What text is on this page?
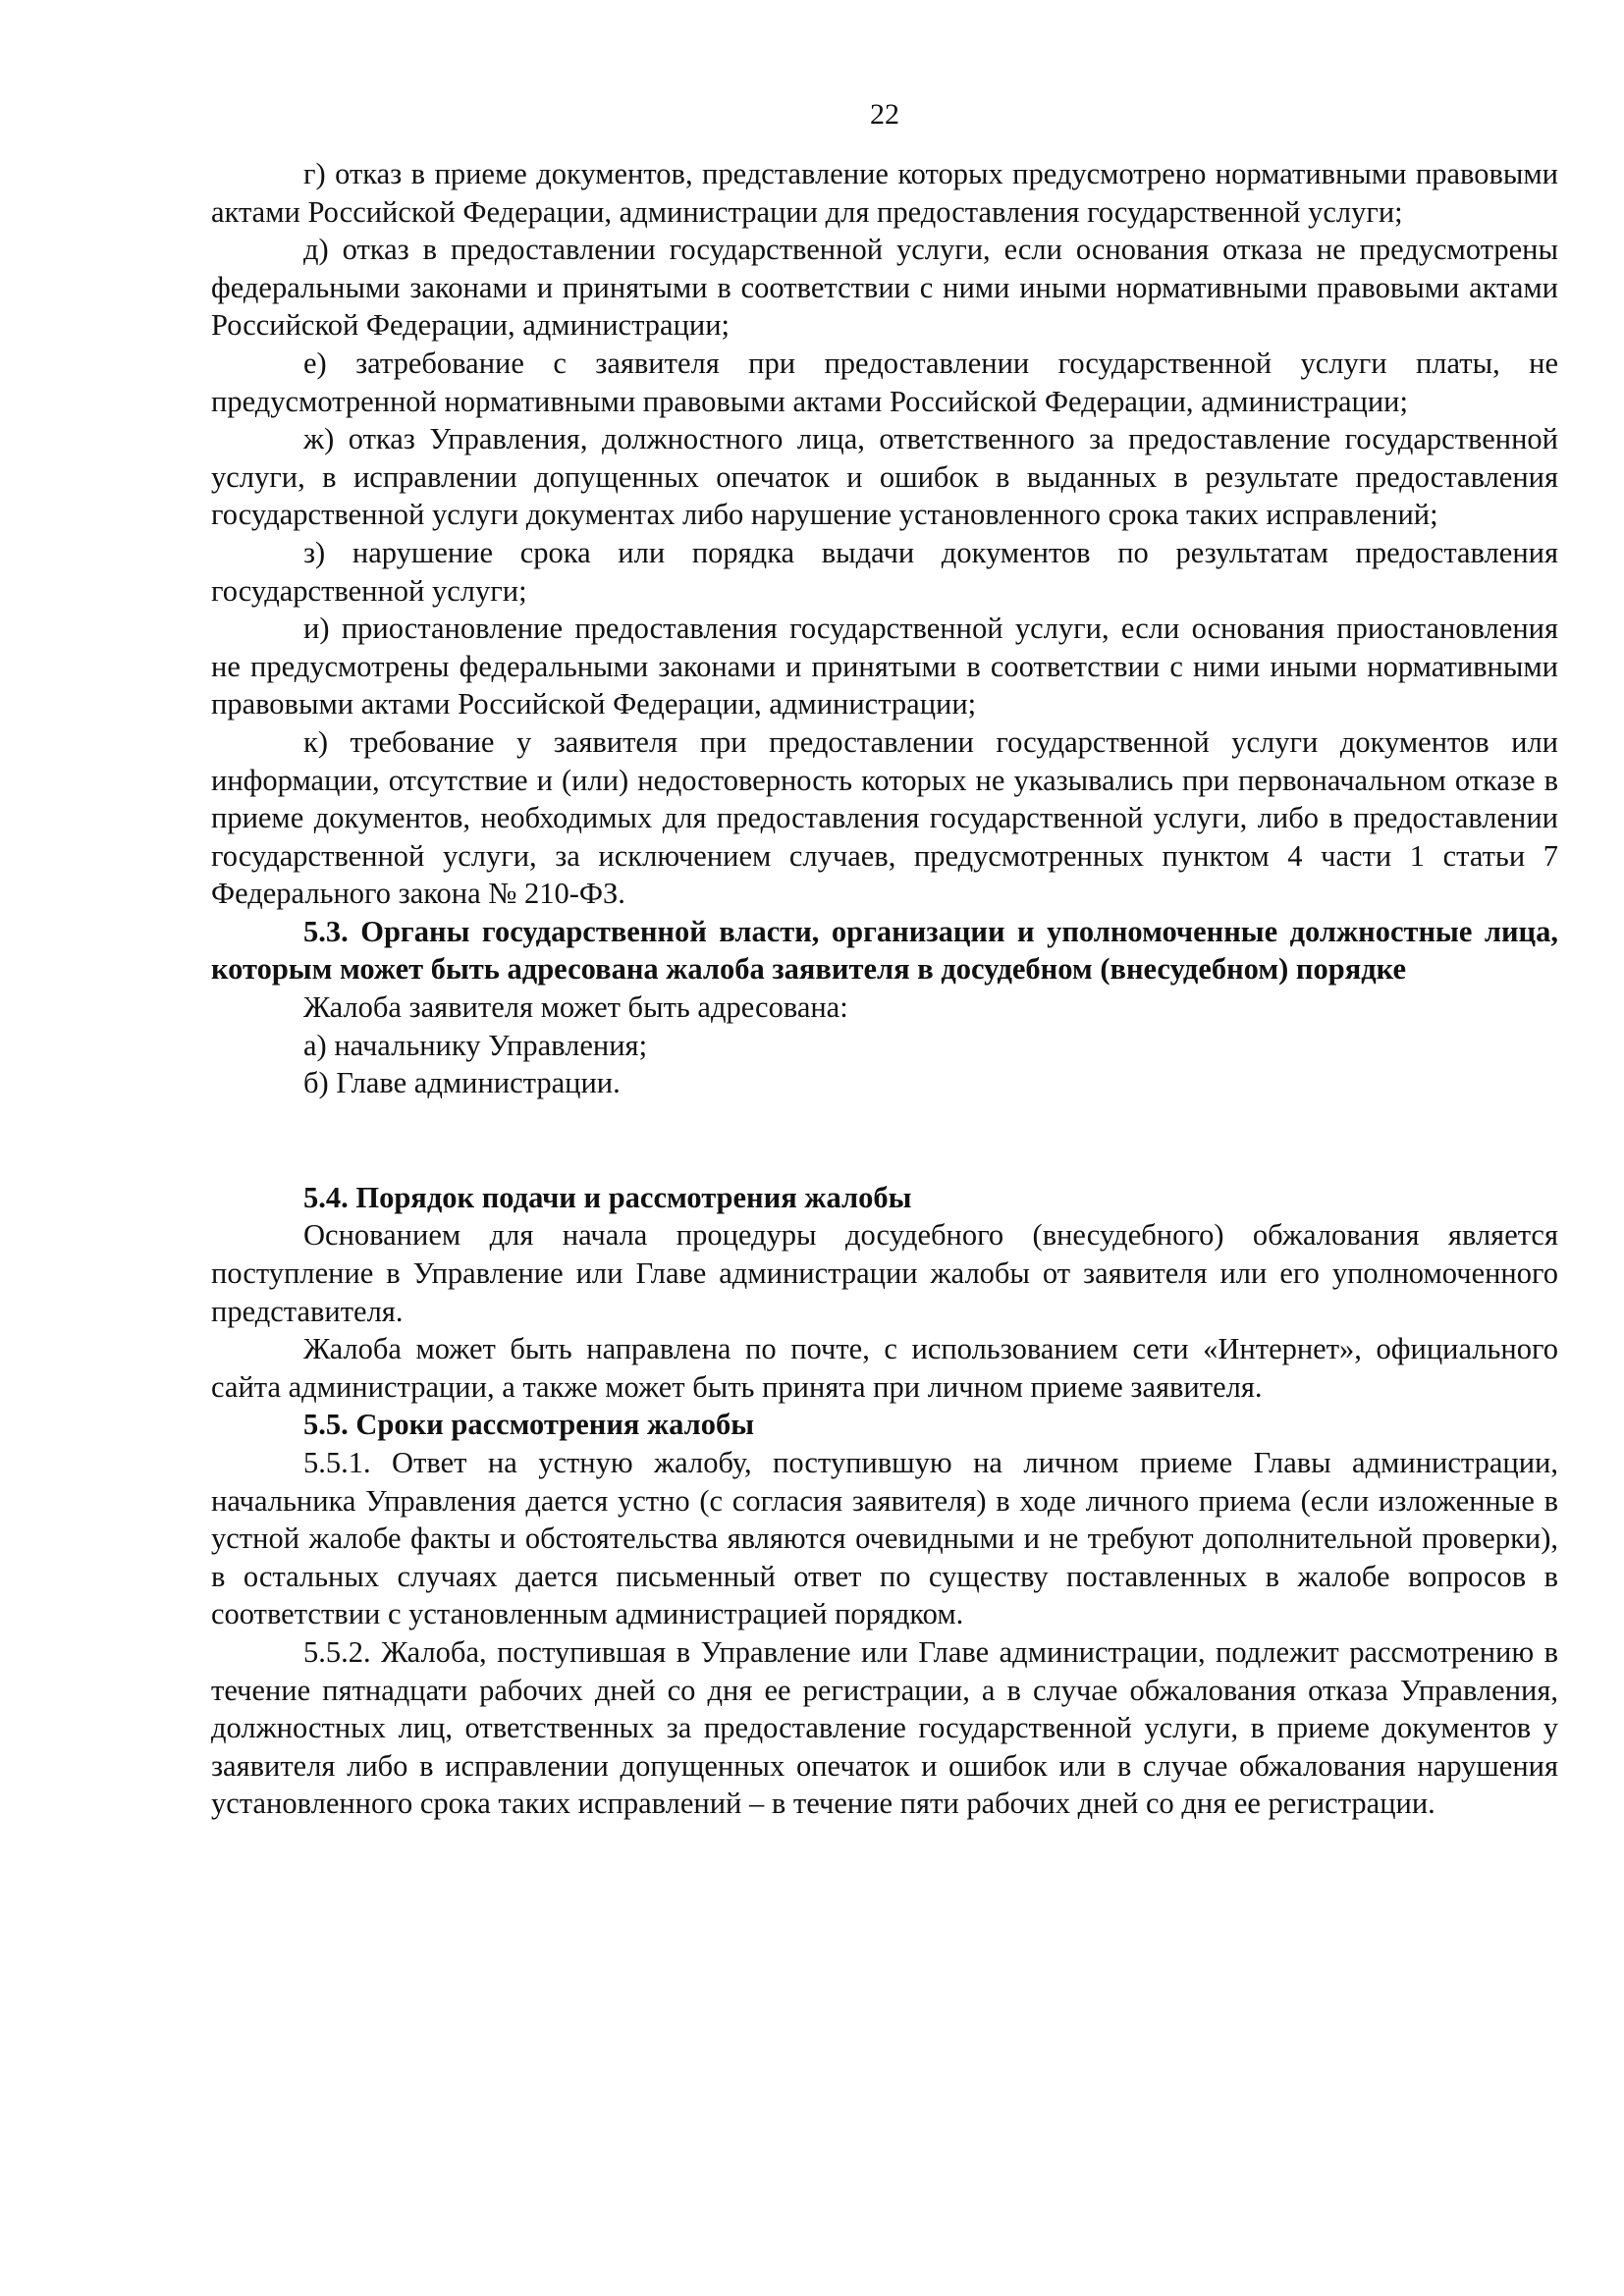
22

г) отказ в приеме документов, представление которых предусмотрено нормативными правовыми актами Российской Федерации, администрации для предоставления государственной услуги;

д) отказ в предоставлении государственной услуги, если основания отказа не предусмотрены федеральными законами и принятыми в соответствии с ними иными нормативными правовыми актами Российской Федерации, администрации;

е) затребование с заявителя при предоставлении государственной услуги платы, не предусмотренной нормативными правовыми актами Российской Федерации, администрации;

ж) отказ Управления, должностного лица, ответственного за предоставление государственной услуги, в исправлении допущенных опечаток и ошибок в выданных в результате предоставления государственной услуги документах либо нарушение установленного срока таких исправлений;

з) нарушение срока или порядка выдачи документов по результатам предоставления государственной услуги;

и) приостановление предоставления государственной услуги, если основания приостановления не предусмотрены федеральными законами и принятыми в соответствии с ними иными нормативными правовыми актами Российской Федерации, администрации;

к) требование у заявителя при предоставлении государственной услуги документов или информации, отсутствие и (или) недостоверность которых не указывались при первоначальном отказе в приеме документов, необходимых для предоставления государственной услуги, либо в предоставлении государственной услуги, за исключением случаев, предусмотренных пунктом 4 части 1 статьи 7 Федерального закона № 210-ФЗ.

5.3. Органы государственной власти, организации и уполномоченные должностные лица, которым может быть адресована жалоба заявителя в досудебном (внесудебном) порядке

Жалоба заявителя может быть адресована:

а) начальнику Управления;

б) Главе администрации.

5.4. Порядок подачи и рассмотрения жалобы

Основанием для начала процедуры досудебного (внесудебного) обжалования является поступление в Управление или Главе администрации жалобы от заявителя или его уполномоченного представителя.

Жалоба может быть направлена по почте, с использованием сети «Интернет», официального сайта администрации, а также может быть принята при личном приеме заявителя.

5.5. Сроки рассмотрения жалобы

5.5.1. Ответ на устную жалобу, поступившую на личном приеме Главы администрации, начальника Управления дается устно (с согласия заявителя) в ходе личного приема (если изложенные в устной жалобе факты и обстоятельства являются очевидными и не требуют дополнительной проверки), в остальных случаях дается письменный ответ по существу поставленных в жалобе вопросов в соответствии с установленным администрацией порядком.

5.5.2. Жалоба, поступившая в Управление или Главе администрации, подлежит рассмотрению в течение пятнадцати рабочих дней со дня ее регистрации, а в случае обжалования отказа Управления, должностных лиц, ответственных за предоставление государственной услуги, в приеме документов у заявителя либо в исправлении допущенных опечаток и ошибок или в случае обжалования нарушения установленного срока таких исправлений – в течение пяти рабочих дней со дня ее регистрации.
